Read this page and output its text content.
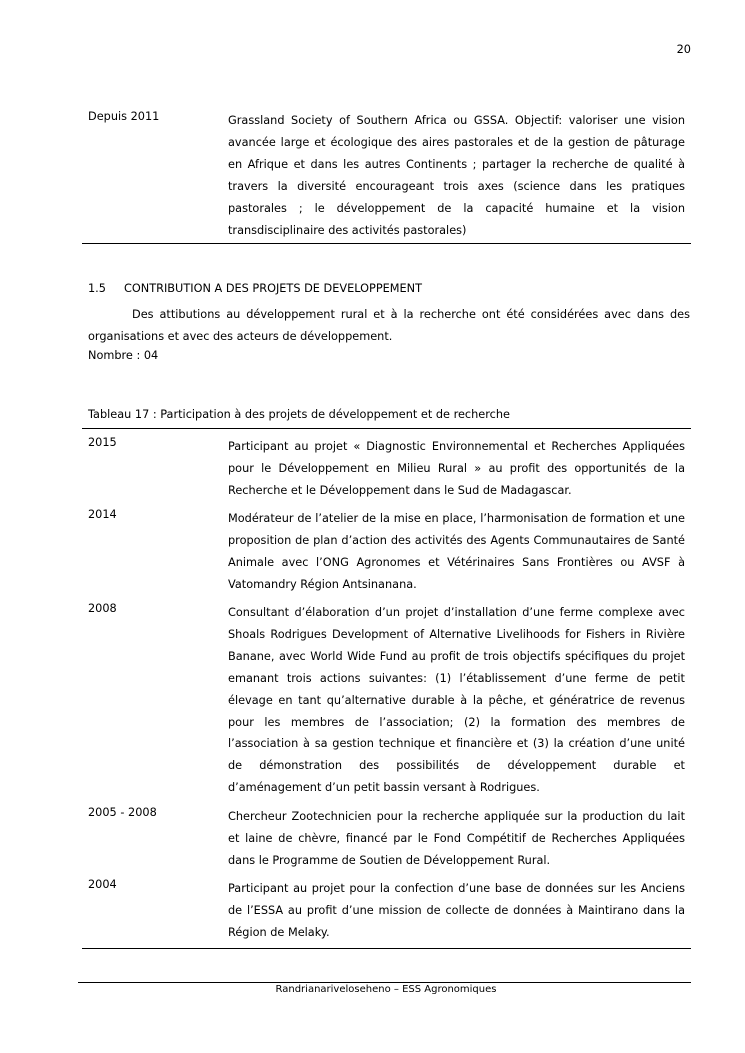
20
Depuis 2011	Grassland Society of Southern Africa ou GSSA. Objectif: valoriser une vision avancée large et écologique des aires pastorales et de la gestion de pâturage en Afrique et dans les autres Continents ; partager la recherche de qualité à travers la diversité encourageant trois axes (science dans les pratiques pastorales ; le développement de la capacité humaine et la vision transdisciplinaire des activités pastorales)
1.5 CONTRIBUTION A DES PROJETS DE DEVELOPPEMENT
Des attibutions au développement rural et à la recherche ont été considérées avec dans des organisations et avec des acteurs de développement.
Nombre : 04
Tableau 17 : Participation à des projets de développement et de recherche
2015	Participant au projet « Diagnostic Environnemental et Recherches Appliquées pour le Développement en Milieu Rural » au profit des opportunités de la Recherche et le Développement dans le Sud de Madagascar.
2014	Modérateur de l’atelier de la mise en place, l’harmonisation de formation et une proposition de plan d’action des activités des Agents Communautaires de Santé Animale avec l’ONG Agronomes et Vétérinaires Sans Frontières ou AVSF à Vatomandry Région Antsinanana.
2008	Consultant d’élaboration d’un projet d’installation d’une ferme complexe avec Shoals Rodrigues Development of Alternative Livelihoods for Fishers in Rivière Banane, avec World Wide Fund au profit de trois objectifs spécifiques du projet emanant trois actions suivantes: (1) l’établissement d’une ferme de petit élevage en tant qu’alternative durable à la pêche, et génératrice de revenus pour les membres de l’association; (2) la formation des membres de l’association à sa gestion technique et financière et (3) la création d’une unité de démonstration des possibilités de développement durable et d’aménagement d’un petit bassin versant à Rodrigues.
2005 - 2008	Chercheur Zootechnicien pour la recherche appliquée sur la production du lait et laine de chèvre, financé par le Fond Compétitif de Recherches Appliquées dans le Programme de Soutien de Développement Rural.
2004	Participant au projet pour la confection d’une base de données sur les Anciens de l’ESSA au profit d’une mission de collecte de données à Maintirano dans la Région de Melaky.
Randrianariveloseheno – ESS Agronomiques
